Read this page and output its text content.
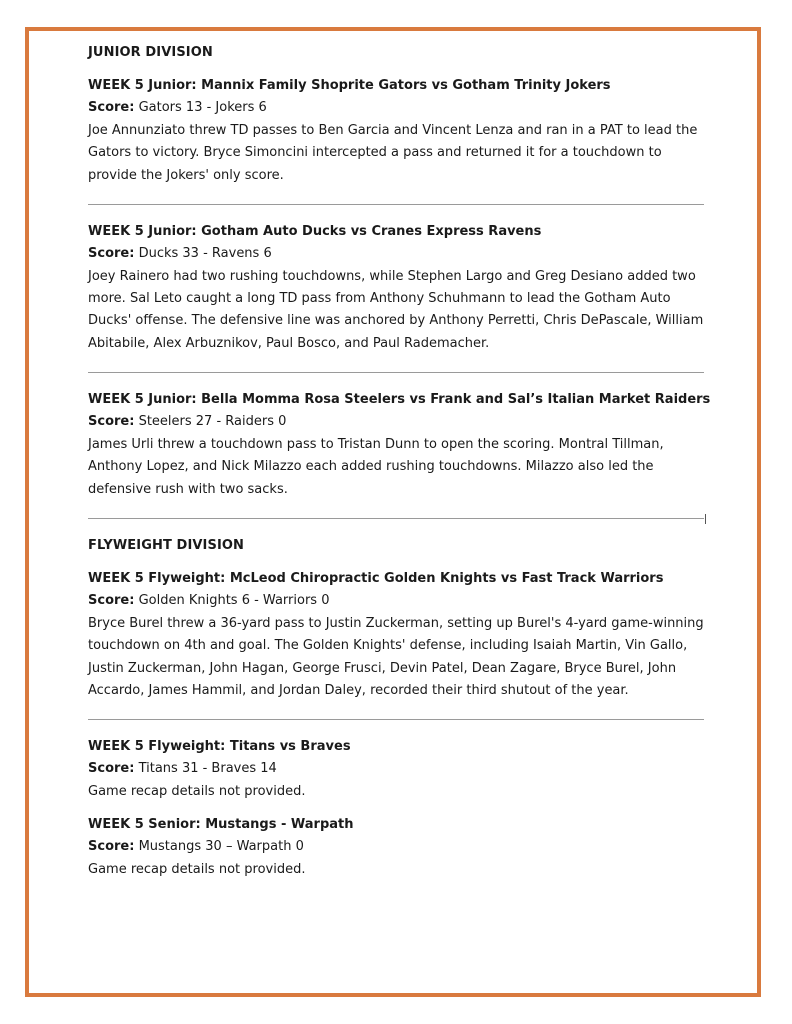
JUNIOR DIVISION
WEEK 5 Junior: Mannix Family Shoprite Gators vs Gotham Trinity Jokers
Score: Gators 13 - Jokers 6

Joe Annunziato threw TD passes to Ben Garcia and Vincent Lenza and ran in a PAT to lead the Gators to victory. Bryce Simoncini intercepted a pass and returned it for a touchdown to provide the Jokers' only score.

WEEK 5 Junior: Gotham Auto Ducks vs Cranes Express Ravens
Score: Ducks 33 - Ravens 6

Joey Rainero had two rushing touchdowns, while Stephen Largo and Greg Desiano added two more. Sal Leto caught a long TD pass from Anthony Schuhmann to lead the Gotham Auto Ducks' offense. The defensive line was anchored by Anthony Perretti, Chris DePascale, William Abitabile, Alex Arbuznikov, Paul Bosco, and Paul Rademacher.

WEEK 5 Junior: Bella Momma Rosa Steelers vs Frank and Sal’s Italian Market Raiders
Score: Steelers 27 - Raiders 0

James Urli threw a touchdown pass to Tristan Dunn to open the scoring. Montral Tillman, Anthony Lopez, and Nick Milazzo each added rushing touchdowns. Milazzo also led the defensive rush with two sacks.

FLYWEIGHT DIVISION
WEEK 5 Flyweight: McLeod Chiropractic Golden Knights vs Fast Track Warriors
Score: Golden Knights 6 - Warriors 0

Bryce Burel threw a 36-yard pass to Justin Zuckerman, setting up Burel's 4-yard game-winning touchdown on 4th and goal. The Golden Knights' defense, including Isaiah Martin, Vin Gallo, Justin Zuckerman, John Hagan, George Frusci, Devin Patel, Dean Zagare, Bryce Burel, John Accardo, James Hammil, and Jordan Daley, recorded their third shutout of the year.

WEEK 5 Flyweight: Titans vs Braves
Score: Titans 31 - Braves 14

Game recap details not provided.

WEEK 5 Senior: Mustangs - Warpath
Score: Mustangs 30 – Warpath 0

Game recap details not provided.
